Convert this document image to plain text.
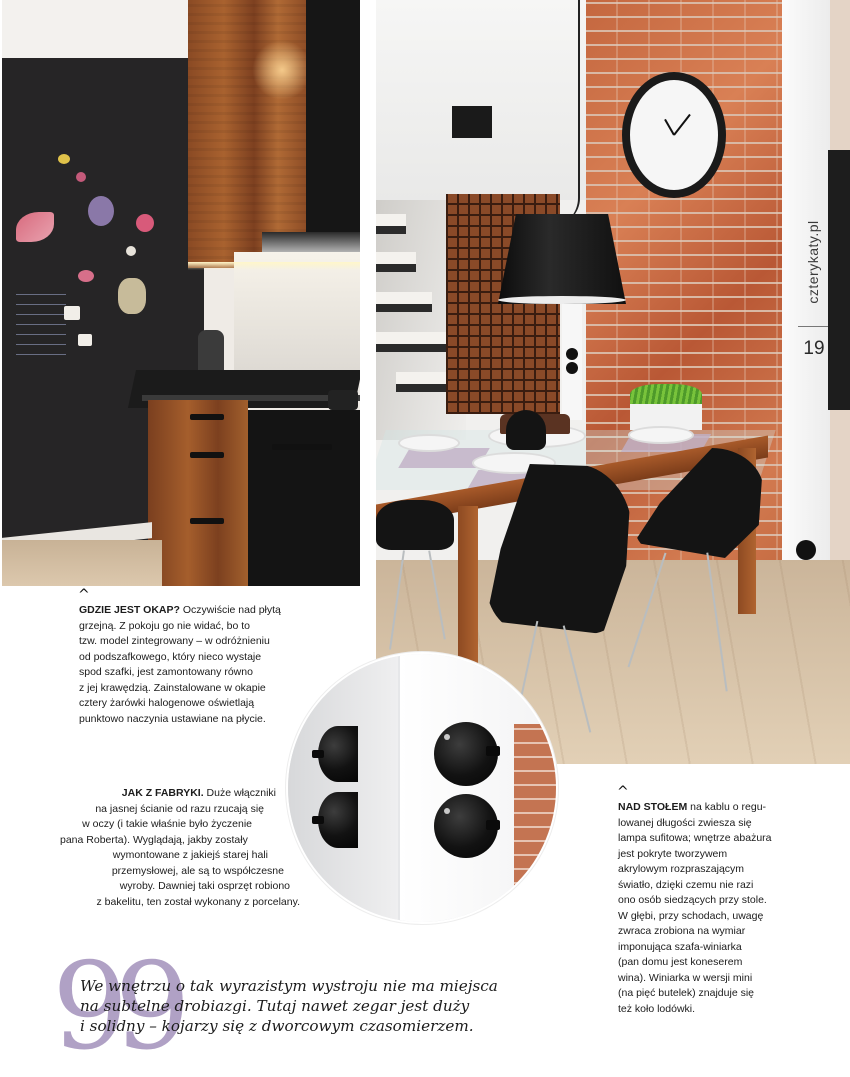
czterykaty.pl
19
^
GDZIE JEST OKAP? Oczywiście nad płytą
grzejną. Z pokoju go nie widać, bo to
tzw. model zintegrowany – w odróżnieniu
od podszafkowego, który nieco wystaje
spod szafki, jest zamontowany równo
z jej krawędzią. Zainstalowane w okapie
cztery żarówki halogenowe oświetlają
punktowo naczynia ustawiane na płycie.
JAK Z FABRYKI. Duże włączniki
na jasnej ścianie od razu rzucają się
w oczy (i takie właśnie było życzenie
pana Roberta). Wyglądają, jakby zostały
wymontowane z jakiejś starej hali
przemysłowej, ale są to współczesne
wyroby. Dawniej taki osprzęt robiono
z bakelitu, ten został wykonany z porcelany.
^
NAD STOŁEM na kablu o regu-
lowanej długości zwiesza się
lampa sufitowa; wnętrze abażura
jest pokryte tworzywem
akrylowym rozpraszającym
światło, dzięki czemu nie razi
ono osób siedzących przy stole.
W głębi, przy schodach, uwagę
zwraca zrobiona na wymiar
imponująca szafa-winiarka
(pan domu jest koneserem
wina). Winiarka w wersji mini
(na pięć butelek) znajduje się
też koło lodówki.
99
We wnętrzu o tak wyrazistym wystroju nie ma miejsca
na subtelne drobiazgi. Tutaj nawet zegar jest duży
i solidny – kojarzy się z dworcowym czasomierzem.
